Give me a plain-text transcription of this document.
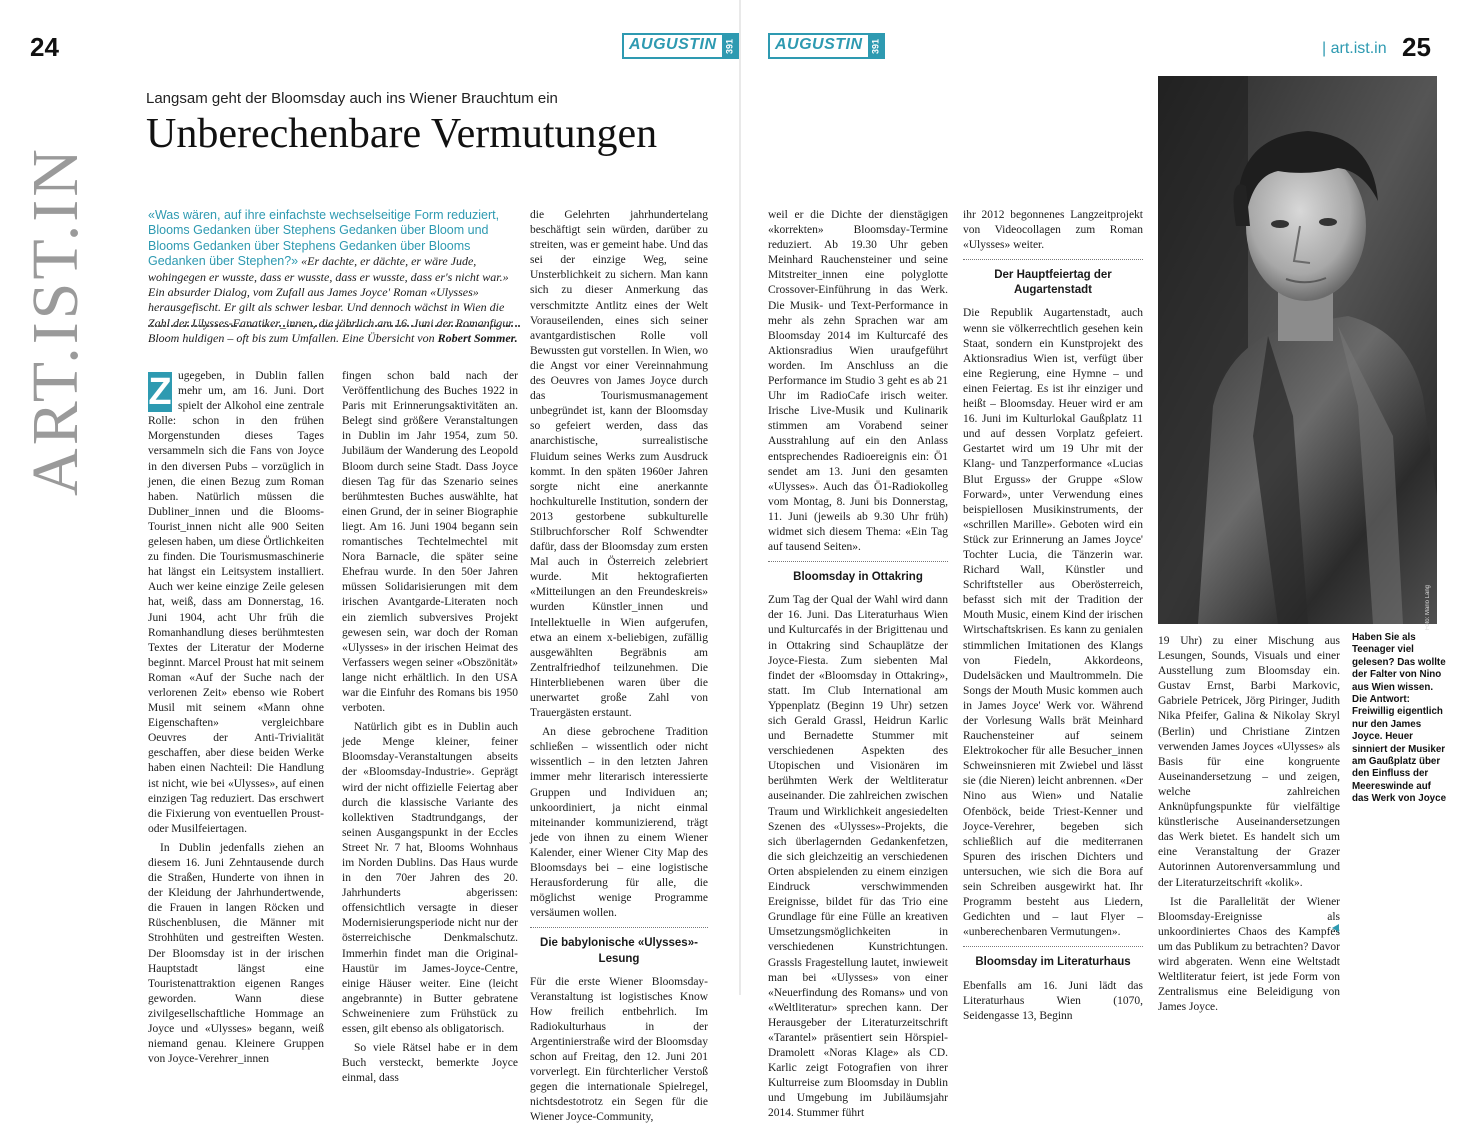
24	AUGUSTIN 391
ART.IST.IN
Langsam geht der Bloomsday auch ins Wiener Brauchtum ein
Unberechenbare Vermutungen
«Was wären, auf ihre einfachste wechselseitige Form reduziert, Blooms Gedanken über Stephens Gedanken über Bloom und Blooms Gedanken über Stephens Gedanken über Blooms Gedanken über Stephen?» «Er dachte, er dächte, er wäre Jude, wohingegen er wusste, dass er wusste, dass er wusste, dass er's nicht war.» Ein absurder Dialog, vom Zufall aus James Joyce' Roman «Ulysses» herausgefischt. Er gilt als schwer lesbar. Und dennoch wächst in Wien die Zahl der Ulysses-Fanatiker_innen, die jährlich am 16. Juni der Romanfigur Bloom huldigen – oft bis zum Umfallen. Eine Übersicht von Robert Sommer.

Z ugegeben, in Dublin fallen mehr um, am 16. Juni. Dort spielt der Alkohol eine zentrale Rolle: schon in den frühen Morgenstunden dieses Tages versammeln sich die Fans von Joyce in den diversen Pubs – vorzüglich in jenen, die einen Bezug zum Roman haben. Natürlich müssen die Dubliner_innen und die Blooms-Tourist_innen nicht alle 900 Seiten gelesen haben, um diese Örtlichkeiten zu finden. Die Tourismusmaschinerie hat längst ein Leitsystem installiert. Auch wer keine einzige Zeile gelesen hat, weiß, dass am Donnerstag, 16. Juni 1904, acht Uhr früh die Romanhandlung dieses berühmtesten Textes der Literatur der Moderne beginnt. Marcel Proust hat mit seinem Roman «Auf der Suche nach der verlorenen Zeit» ebenso wie Robert Musil mit seinem «Mann ohne Eigenschaften» vergleichbare Oeuvres der Anti-Trivialität geschaffen, aber diese beiden Werke haben einen Nachteil: Die Handlung ist nicht, wie bei «Ulysses», auf einen einzigen Tag reduziert. Das erschwert die Fixierung von eventuellen Proust- oder Musilfeiertagen.

In Dublin jedenfalls ziehen an diesem 16. Juni Zehntausende durch die Straßen, Hunderte von ihnen in der Kleidung der Jahrhundertwende, die Frauen in langen Röcken und Rüschenblusen, die Männer mit Strohhüten und gestreiften Westen. Der Bloomsday ist in der irischen Hauptstadt längst eine Touristenattraktion eigenen Ranges geworden. Wann diese zivilgesellschaftliche Hommage an Joyce und «Ulysses» begann, weiß niemand genau. Kleinere Gruppen von Joyce-Verehrer_innen

fingen schon bald nach der Veröffentlichung des Buches 1922 in Paris mit Erinnerungsaktivitäten an. Belegt sind größere Veranstaltungen in Dublin im Jahr 1954, zum 50. Jubiläum der Wanderung des Leopold Bloom durch seine Stadt. Dass Joyce diesen Tag für das Szenario seines berühmtesten Buches auswählte, hat einen Grund, der in seiner Biographie liegt. Am 16. Juni 1904 begann sein romantisches Techtelmechtel mit Nora Barnacle, die später seine Ehefrau wurde. In den 50er Jahren müssen Solidarisierungen mit dem irischen Avantgarde-Literaten noch ein ziemlich subversives Projekt gewesen sein, war doch der Roman «Ulysses» in der irischen Heimat des Verfassers wegen seiner «Obszönität» lange nicht erhältlich. In den USA war die Einfuhr des Romans bis 1950 verboten.

Natürlich gibt es in Dublin auch jede Menge kleiner, feiner Bloomsday-Veranstaltungen abseits der «Bloomsday-Industrie». Geprägt wird der nicht offizielle Feiertag aber durch die klassische Variante des kollektiven Stadtrundgangs, der seinen Ausgangspunkt in der Eccles Street Nr. 7 hat, Blooms Wohnhaus im Norden Dublins. Das Haus wurde in den 70er Jahren des 20. Jahrhunderts abgerissen: offensichtlich versagte in dieser Modernisierungsperiode nicht nur der österreichische Denkmalschutz. Immerhin findet man die Original-Haustür im James-Joyce-Centre, einige Häuser weiter. Eine (leicht angebrannte) in Butter gebratene Schweineniere zum Frühstück zu essen, gilt ebenso als obligatorisch.

So viele Rätsel habe er in dem Buch versteckt, bemerkte Joyce einmal, dass

die Gelehrten jahrhundertelang beschäftigt sein würden, darüber zu streiten, was er gemeint habe. Und das sei der einzige Weg, seine Unsterblichkeit zu sichern. Man kann sich zu dieser Anmerkung das verschmitzte Antlitz eines der Welt Vorauseilenden, eines sich seiner avantgardistischen Rolle voll Bewussten gut vorstellen. In Wien, wo die Angst vor einer Vereinnahmung des Oeuvres von James Joyce durch das Tourismusmanagement unbegründet ist, kann der Bloomsday so gefeiert werden, dass das anarchistische, surrealistische Fluidum seines Werks zum Ausdruck kommt. In den späten 1960er Jahren sorgte nicht eine anerkannte hochkulturelle Institution, sondern der 2013 gestorbene subkulturelle Stilbruchforscher Rolf Schwendter dafür, dass der Bloomsday zum ersten Mal auch in Österreich zelebriert wurde. Mit hektografierten «Mitteilungen an den Freundeskreis» wurden Künstler_innen und Intellektuelle in Wien aufgerufen, etwa an einem x-beliebigen, zufällig ausgewählten Begräbnis am Zentralfriedhof teilzunehmen. Die Hinterbliebenen waren über die unerwartet große Zahl von Trauergästen erstaunt.

An diese gebrochene Tradition schließen – wissentlich oder nicht wissentlich – in den letzten Jahren immer mehr literarisch interessierte Gruppen und Individuen an; unkoordiniert, ja nicht einmal miteinander kommunizierend, trägt jede von ihnen zu einem Wiener Kalender, einer Wiener City Map des Bloomsdays bei – eine logistische Herausforderung für alle, die möglichst wenige Programme versäumen wollen.

Die babylonische «Ulysses»-Lesung

Für die erste Wiener Bloomsday-Veranstaltung ist logistisches Know How freilich entbehrlich. Im Radiokulturhaus in der Argentinierstraße wird der Bloomsday schon auf Freitag, den 12. Juni 201 vorverlegt. Ein fürchterlicher Verstoß gegen die internationale Spielregel, nichtsdestotrotz ein Segen für die Wiener Joyce-Community,

AUGUSTIN 391	| art.ist.in 25

weil er die Dichte der dienstägigen «korrekten» Bloomsday-Termine reduziert. Ab 19.30 Uhr geben Meinhard Rauchensteiner und seine Mitstreiter_innen eine polyglotte Crossover-Einführung in das Werk. Die Musik- und Text-Performance in mehr als zehn Sprachen war am Bloomsday 2014 im Kulturcafé des Aktionsradius Wien uraufgeführt worden. Im Anschluss an die Performance im Studio 3 geht es ab 21 Uhr im RadioCafe irisch weiter. Irische Live-Musik und Kulinarik stimmen am Vorabend seiner Ausstrahlung auf ein den Anlass entsprechendes Radioereignis ein: Ö1 sendet am 13. Juni den gesamten «Ulysses». Auch das Ö1-Radiokolleg vom Montag, 8. Juni bis Donnerstag, 11. Juni (jeweils ab 9.30 Uhr früh) widmet sich diesem Thema: «Ein Tag auf tausend Seiten».

Bloomsday in Ottakring

Zum Tag der Qual der Wahl wird dann der 16. Juni. Das Literaturhaus Wien und Kulturcafés in der Brigittenau und in Ottakring sind Schauplätze der Joyce-Fiesta. Zum siebenten Mal findet der «Bloomsday in Ottakring», statt. Im Club International am Yppenplatz (Beginn 19 Uhr) setzen sich Gerald Grassl, Heidrun Karlic und Bernadette Stummer mit verschiedenen Aspekten des Utopischen und Visionären im berühmten Werk der Weltliteratur auseinander. Die zahlreichen zwischen Traum und Wirklichkeit angesiedelten Szenen des «Ulysses»-Projekts, die sich überlagernden Gedankenfetzen, die sich gleichzeitig an verschiedenen Orten abspielenden zu einem einzigen Eindruck verschwimmenden Ereignisse, bildet für das Trio eine Grundlage für eine Fülle an kreativen Umsetzungsmöglichkeiten in verschiedenen Kunstrichtungen. Grassls Fragestellung lautet, inwieweit man bei «Ulysses» von einer «Neuerfindung des Romans» und von «Weltliteratur» sprechen kann. Der Herausgeber der Literaturzeitschrift «Tarantel» präsentiert sein Hörspiel-Dramolett «Noras Klage» als CD. Karlic zeigt Fotografien von ihrer Kulturreise zum Bloomsday in Dublin und Umgebung im Jubiläumsjahr 2014. Stummer führt

ihr 2012 begonnenes Langzeitprojekt von Videocollagen zum Roman «Ulysses» weiter.

Der Hauptfeiertag der Augartenstadt

Die Republik Augartenstadt, auch wenn sie völkerrechtlich gesehen kein Staat, sondern ein Kunstprojekt des Aktionsradius Wien ist, verfügt über eine Regierung, eine Hymne – und einen Feiertag. Es ist ihr einziger und heißt – Bloomsday. Heuer wird er am 16. Juni im Kulturlokal Gaußplatz 11 und auf dessen Vorplatz gefeiert. Gestartet wird um 19 Uhr mit der Klang- und Tanzperformance «Lucias Blut Erguss» der Gruppe «Slow Forward», unter Verwendung eines beispiellosen Musikinstruments, der «schrillen Marille». Geboten wird ein Stück zur Erinnerung an James Joyce' Tochter Lucia, die Tänzerin war. Richard Wall, Künstler und Schriftsteller aus Oberösterreich, befasst sich mit der Tradition der Mouth Music, einem Kind der irischen Wirtschaftskrisen. Es kann zu genialen stimmlichen Imitationen des Klangs von Fiedeln, Akkordeons, Dudelsäcken und Maultrommeln. Die Songs der Mouth Music kommen auch in James Joyce' Werk vor. Während der Vorlesung Walls brät Meinhard Rauchensteiner auf seinem Elektrokocher für alle Besucher_innen Schweinsnieren mit Zwiebel und lässt sie (die Nieren) leicht anbrennen. «Der Nino aus Wien» und Natalie Ofenböck, beide Triest-Kenner und Joyce-Verehrer, begeben sich schließlich auf die mediterranen Spuren des irischen Dichters und untersuchen, wie sich die Bora auf sein Schreiben ausgewirkt hat. Ihr Programm besteht aus Liedern, Gedichten und – laut Flyer – «unberechenbaren Vermutungen».

Bloomsday im Literaturhaus

Ebenfalls am 16. Juni lädt das Literaturhaus Wien (1070, Seidengasse 13, Beginn

19 Uhr) zu einer Mischung aus Lesungen, Sounds, Visuals und einer Ausstellung zum Bloomsday ein. Gustav Ernst, Barbi Markovic, Gabriele Petricek, Jörg Piringer, Judith Nika Pfeifer, Galina & Nikolay Skryl (Berlin) und Christiane Zintzen verwenden James Joyces «Ulysses» als Basis für eine kongruente Auseinandersetzung – und zeigen, welche zahlreichen Anknüpfungspunkte für vielfältige künstlerische Auseinandersetzungen das Werk bietet. Es handelt sich um eine Veranstaltung der Grazer Autorinnen Autorenversammlung und der Literaturzeitschrift «kolik».

Ist die Parallelität der Wiener Bloomsday-Ereignisse als unkoordiniertes Chaos des Kampfes um das Publikum zu betrachten? Davor wird abgeraten. Wenn eine Weltstadt Weltliteratur feiert, ist jede Form von Zentralismus eine Beleidigung von James Joyce.

Foto: Mario Lang
Haben Sie als Teenager viel gelesen? Das wollte der Falter von Nino aus Wien wissen. Die Antwort: Freiwillig eigentlich nur den James Joyce. Heuer sinniert der Musiker am Gaußplatz über den Einfluss der Meereswinde auf das Werk von Joyce
